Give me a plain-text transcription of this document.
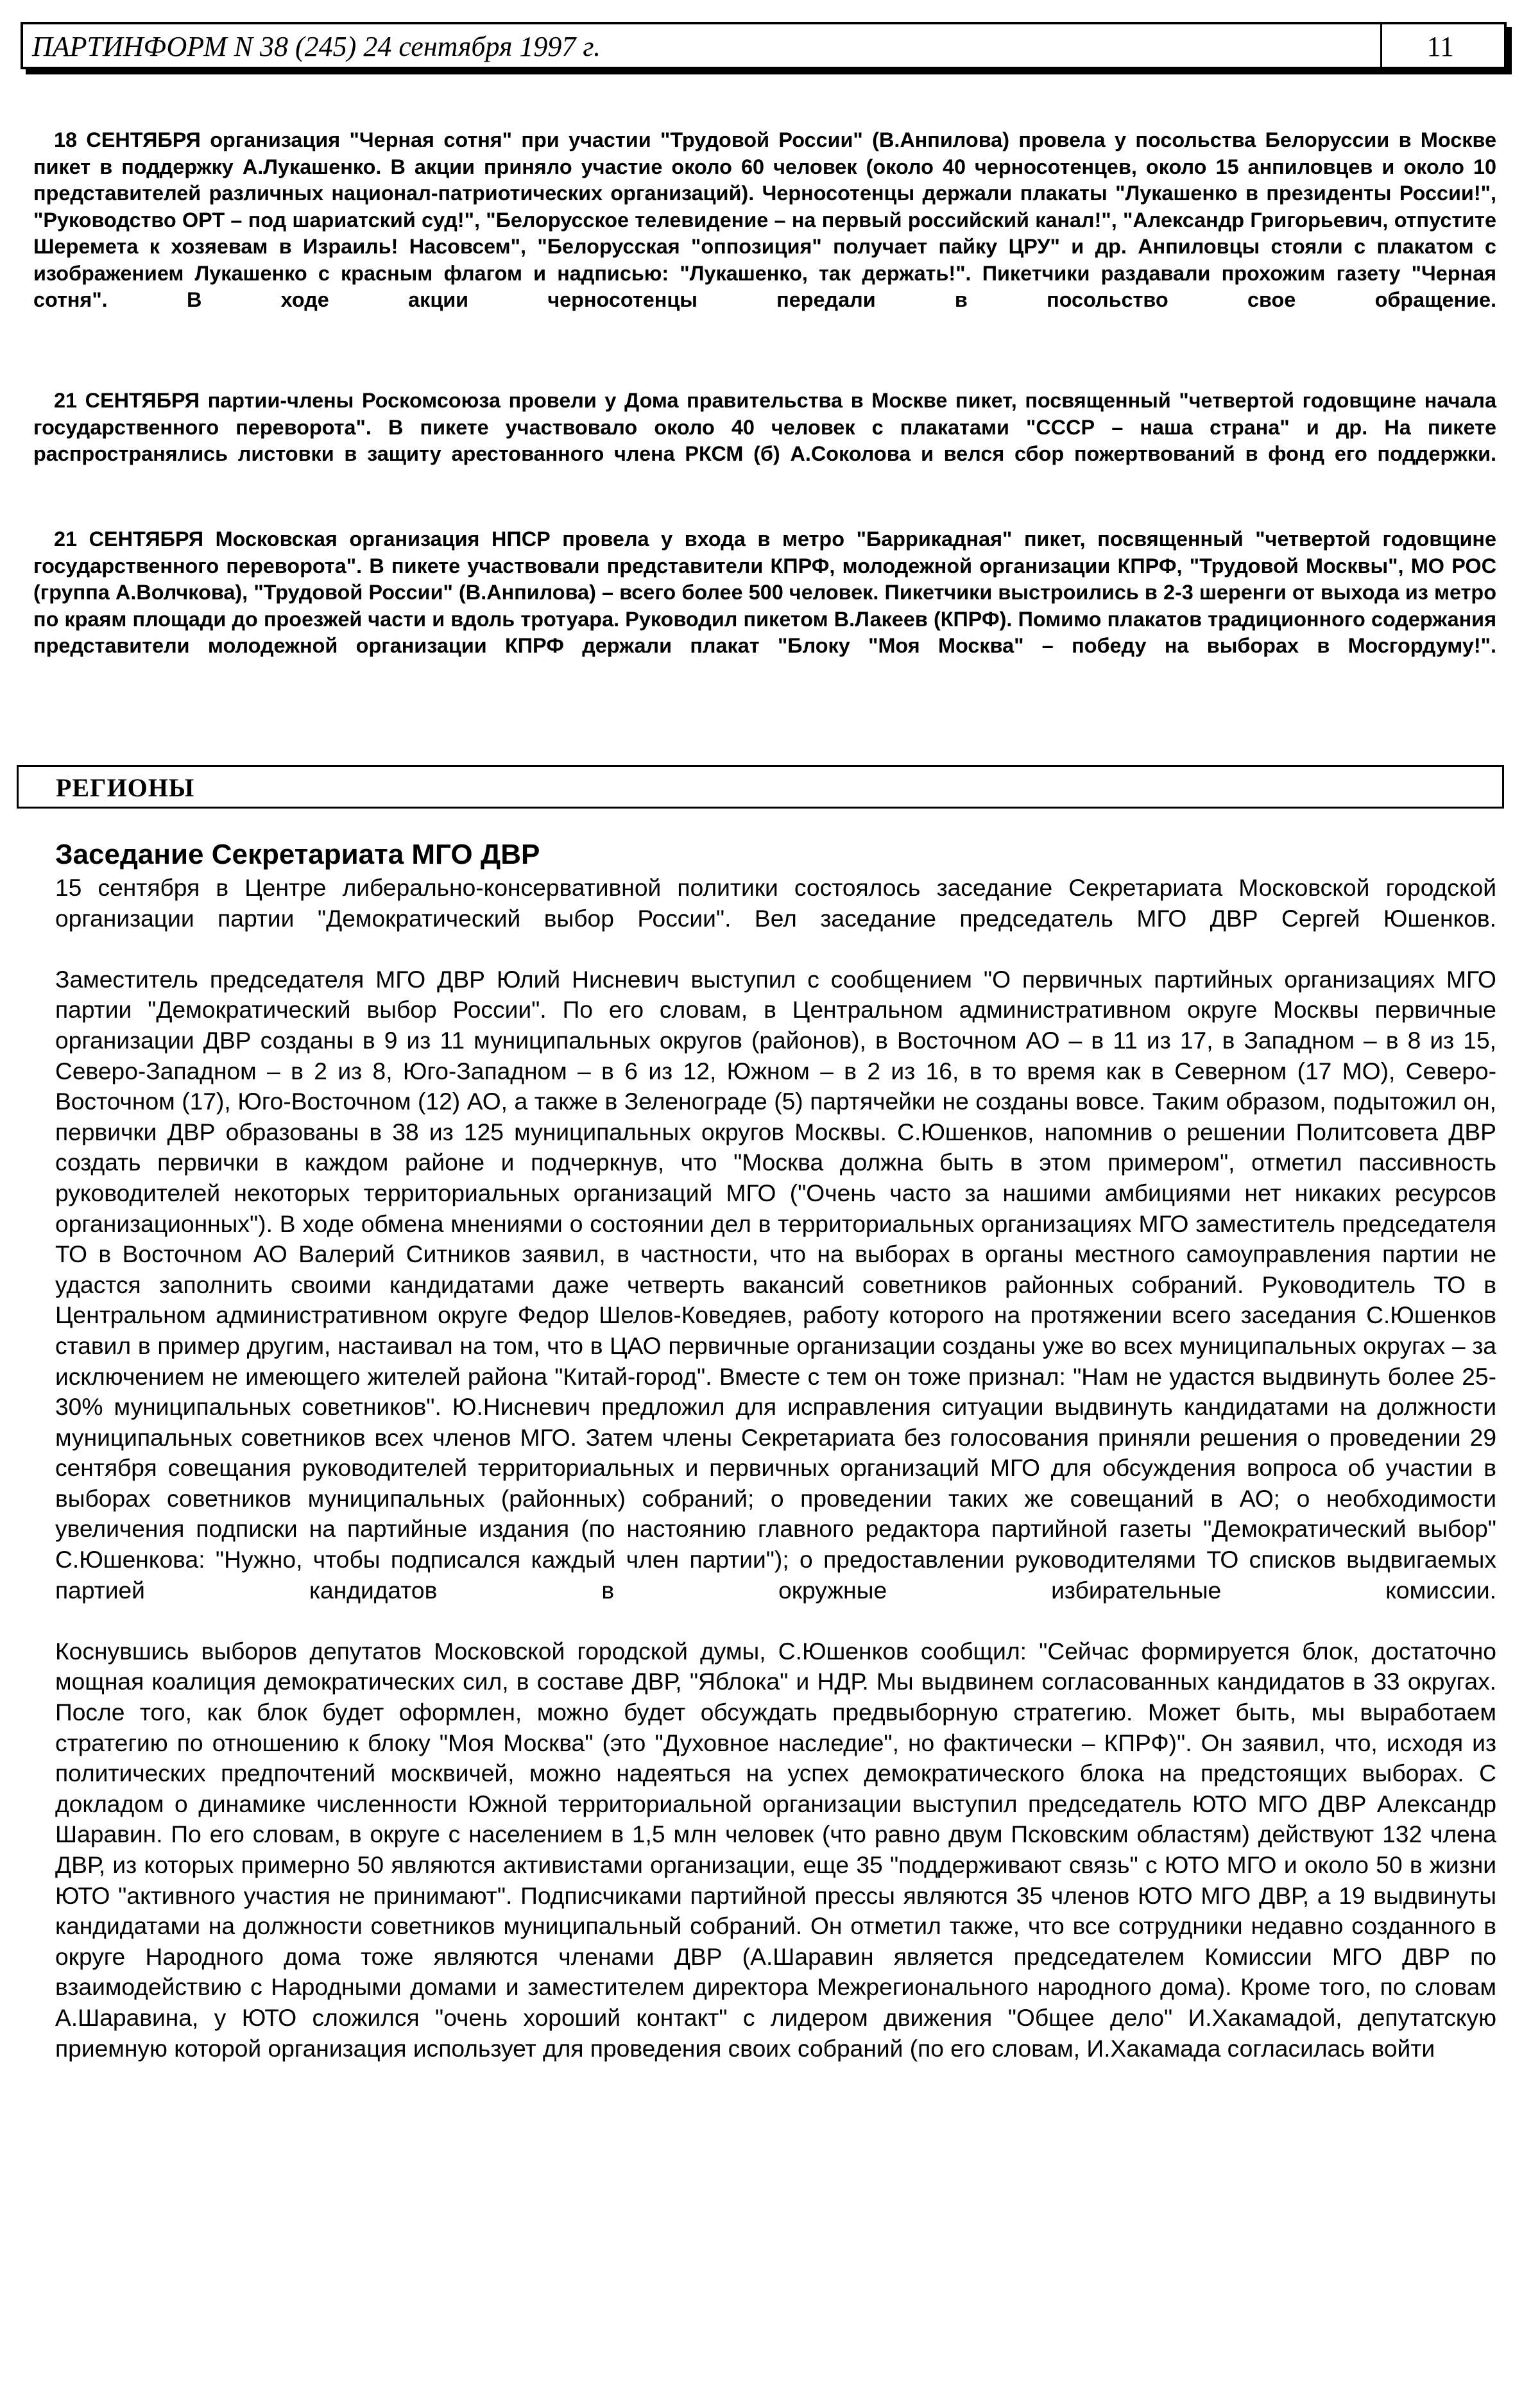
ПАРТИНФОРМ N 38 (245) 24 сентября 1997 г.	11

18 СЕНТЯБРЯ организация "Черная сотня" при участии "Трудовой России" (В.Анпилова) провела у посольства Белоруссии в Москве пикет в поддержку А.Лукашенко. В акции приняло участие около 60 человек (около 40 черносотенцев, около 15 анпиловцев и около 10 представителей различных национал-патриотических организаций). Черносотенцы держали плакаты "Лукашенко в президенты России!", "Руководство ОРТ – под шариатский суд!", "Белорусское телевидение – на первый российский канал!", "Александр Григорьевич, отпустите Шеремета к хозяевам в Израиль! Насовсем", "Белорусская "оппозиция" получает пайку ЦРУ" и др. Анпиловцы стояли с плакатом с изображением Лукашенко с красным флагом и надписью: "Лукашенко, так держать!". Пикетчики раздавали прохожим газету "Черная сотня". В ходе акции черносотенцы передали в посольство свое обращение.

21 СЕНТЯБРЯ партии-члены Роскомсоюза провели у Дома правительства в Москве пикет, посвященный "четвертой годовщине начала государственного переворота". В пикете участвовало около 40 человек с плакатами "СССР – наша страна" и др. На пикете распространялись листовки в защиту арестованного члена РКСМ (б) А.Соколова и велся сбор пожертвований в фонд его поддержки.

21 СЕНТЯБРЯ Московская организация НПСР провела у входа в метро "Баррикадная" пикет, посвященный "четвертой годовщине государственного переворота". В пикете участвовали представители КПРФ, молодежной организации КПРФ, "Трудовой Москвы", МО РОС (группа А.Волчкова), "Трудовой России" (В.Анпилова) – всего более 500 человек. Пикетчики выстроились в 2-3 шеренги от выхода из метро по краям площади до проезжей части и вдоль тротуара. Руководил пикетом В.Лакеев (КПРФ). Помимо плакатов традиционного содержания представители молодежной организации КПРФ держали плакат "Блоку "Моя Москва" – победу на выборах в Мосгордуму!".

РЕГИОНЫ
Заседание Секретариата МГО ДВР

15 сентября в Центре либерально-консервативной политики состоялось заседание Секретариата Московской городской организации партии "Демократический выбор России". Вел заседание председатель МГО ДВР Сергей Юшенков.

Заместитель председателя МГО ДВР Юлий Нисневич выступил с сообщением "О первичных партийных организациях МГО партии "Демократический выбор России". По его словам, в Центральном административном округе Москвы первичные организации ДВР созданы в 9 из 11 муниципальных округов (районов), в Восточном АО – в 11 из 17, в Западном – в 8 из 15, Северо-Западном – в 2 из 8, Юго-Западном – в 6 из 12, Южном – в 2 из 16, в то время как в Северном (17 МО), Северо-Восточном (17), Юго-Восточном (12) АО, а также в Зеленограде (5) партячейки не созданы вовсе. Таким образом, подытожил он, первички ДВР образованы в 38 из 125 муниципальных округов Москвы. С.Юшенков, напомнив о решении Политсовета ДВР создать первички в каждом районе и подчеркнув, что "Москва должна быть в этом примером", отметил пассивность руководителей некоторых территориальных организаций МГО ("Очень часто за нашими амбициями нет никаких ресурсов организационных"). В ходе обмена мнениями о состоянии дел в территориальных организациях МГО заместитель председателя ТО в Восточном АО Валерий Ситников заявил, в частности, что на выборах в органы местного самоуправления партии не удастся заполнить своими кандидатами даже четверть вакансий советников районных собраний. Руководитель ТО в Центральном административном округе Федор Шелов-Коведяев, работу которого на протяжении всего заседания С.Юшенков ставил в пример другим, настаивал на том, что в ЦАО первичные организации созданы уже во всех муниципальных округах – за исключением не имеющего жителей района "Китай-город". Вместе с тем он тоже признал: "Нам не удастся выдвинуть более 25-30% муниципальных советников". Ю.Нисневич предложил для исправления ситуации выдвинуть кандидатами на должности муниципальных советников всех членов МГО. Затем члены Секретариата без голосования приняли решения о проведении 29 сентября совещания руководителей территориальных и первичных организаций МГО для обсуждения вопроса об участии в выборах советников муниципальных (районных) собраний; о проведении таких же совещаний в АО; о необходимости увеличения подписки на партийные издания (по настоянию главного редактора партийной газеты "Демократический выбор" С.Юшенкова: "Нужно, чтобы подписался каждый член партии"); о предоставлении руководителями ТО списков выдвигаемых партией кандидатов в окружные избирательные комиссии.

Коснувшись выборов депутатов Московской городской думы, С.Юшенков сообщил: "Сейчас формируется блок, достаточно мощная коалиция демократических сил, в составе ДВР, "Яблока" и НДР. Мы выдвинем согласованных кандидатов в 33 округах. После того, как блок будет оформлен, можно будет обсуждать предвыборную стратегию. Может быть, мы выработаем стратегию по отношению к блоку "Моя Москва" (это "Духовное наследие", но фактически – КПРФ)". Он заявил, что, исходя из политических предпочтений москвичей, можно надеяться на успех демократического блока на предстоящих выборах. С докладом о динамике численности Южной территориальной организации выступил председатель ЮТО МГО ДВР Александр Шаравин. По его словам, в округе с населением в 1,5 млн человек (что равно двум Псковским областям) действуют 132 члена ДВР, из которых примерно 50 являются активистами организации, еще 35 "поддерживают связь" с ЮТО МГО и около 50 в жизни ЮТО "активного участия не принимают". Подписчиками партийной прессы являются 35 членов ЮТО МГО ДВР, а 19 выдвинуты кандидатами на должности советников муниципальный собраний. Он отметил также, что все сотрудники недавно созданного в округе Народного дома тоже являются членами ДВР (А.Шаравин является председателем Комиссии МГО ДВР по взаимодействию с Народными домами и заместителем директора Межрегионального народного дома). Кроме того, по словам А.Шаравина, у ЮТО сложился "очень хороший контакт" с лидером движения "Общее дело" И.Хакамадой, депутатскую приемную которой организация использует для проведения своих собраний (по его словам, И.Хакамада согласилась войти
